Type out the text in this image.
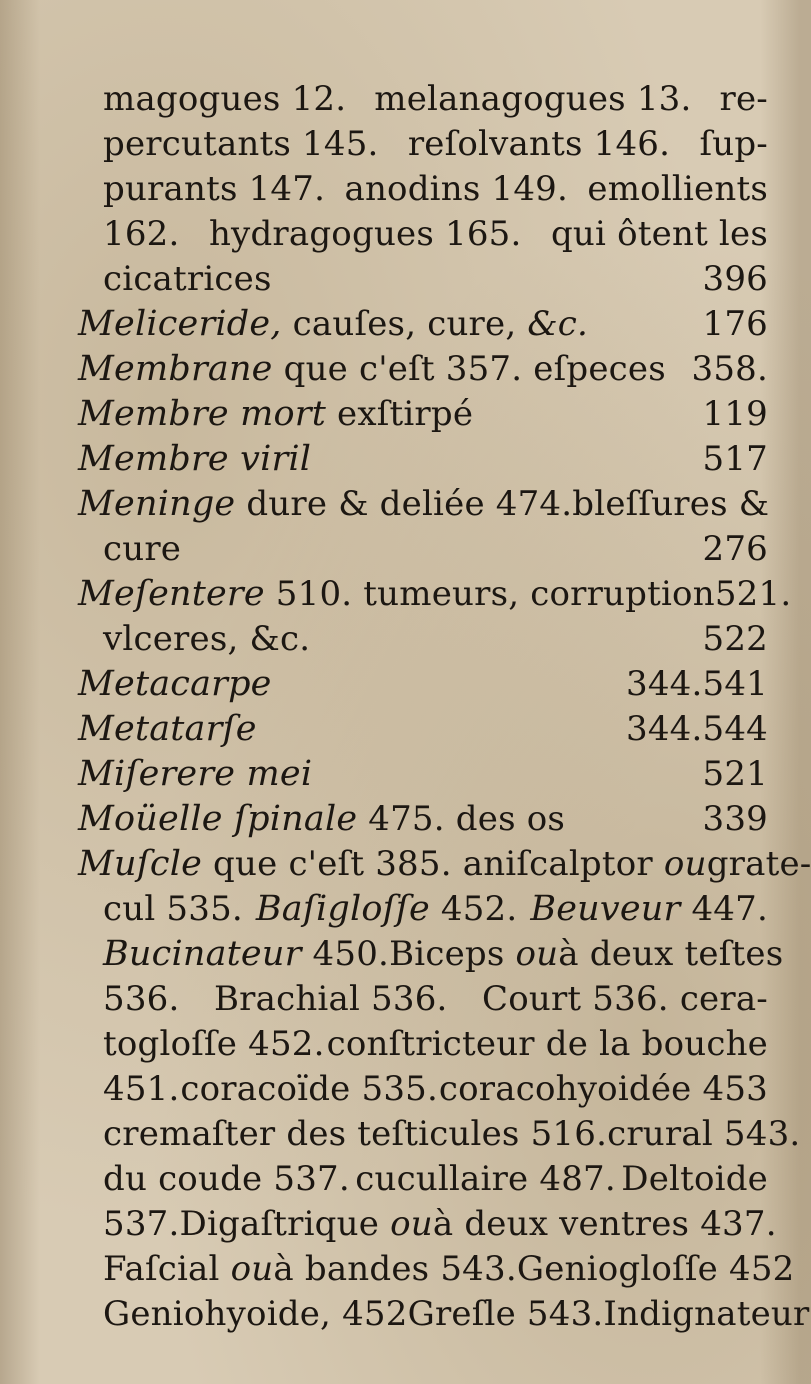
magogues 12. melanagogues 13. re-
percutants 145. reſolvants 146. ſup-
purants 147. anodins 149. emollients
162. hydragogues 165. qui ôtent les
cicatrices	396
Meliceride, cauſes, cure, &c.	176
Membrane que c'eſt 357. eſpeces 358.
Membre mort exſtirpé	119
Membre viril	517
Meninge dure & deliée 474. bleſſures &
cure	276
Meſentere 510. tumeurs, corruption 521.
vlceres, &c.	522
Metacarpe	344.541
Metatarſe	344.544
Miſerere mei	521
Moüelle ſpinale 475. des os	339
Muſcle que c'eſt 385. aniſcalptor ou grate-
cul 535. Baſigloſſe 452. Beuveur 447.
Bucinateur 450. Biceps ou à deux teſtes
536. Brachial 536. Court 536. cera-
togloſſe 452. conſtricteur de la bouche
451. coracoïde 535. coracohyoidée 453
cremaſter des teſticules 516. crural 543.
du coude 537. cucullaire 487. Deltoide
537. Digaſtrique ou à deux ventres 437.
Faſcial ou à bandes 543. Geniogloſſe 452
Geniohyoide, 452 Greſle 543. Indignateur
